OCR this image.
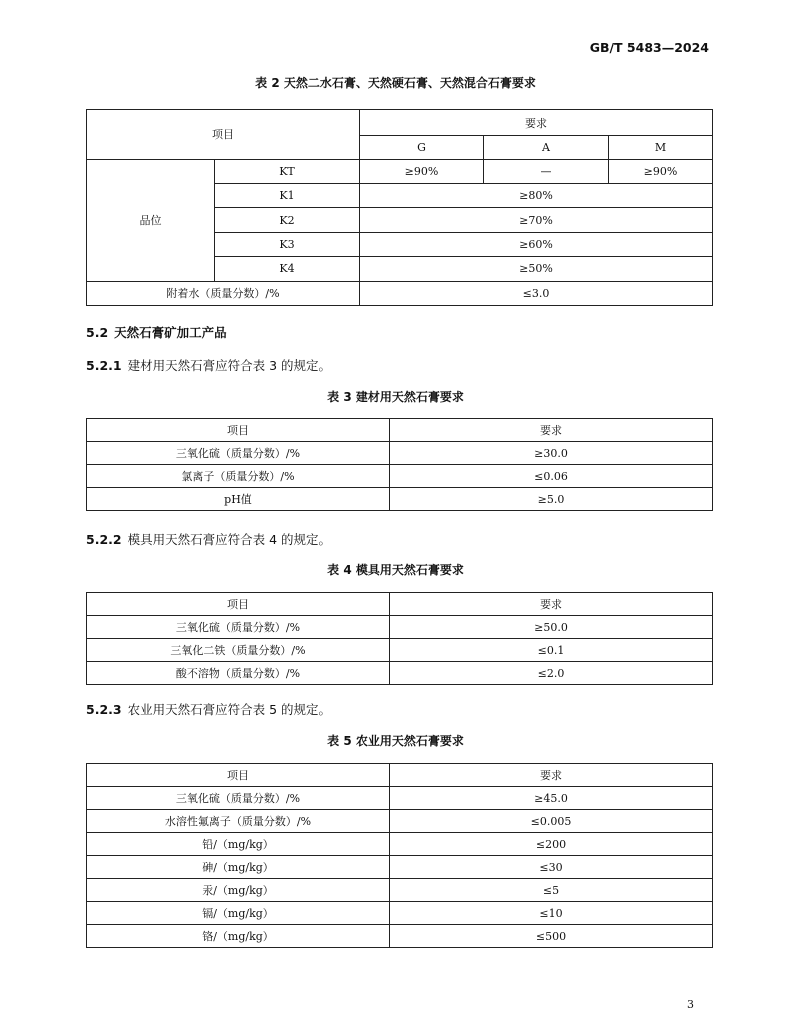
GB/T 5483—2024
表 2 天然二水石膏、天然硬石膏、天然混合石膏要求
项目		要求		
		G	A	M
品位	KT	≥90%	—	≥90%
	K1	≥80%		
	K2	≥70%		
	K3	≥60%		
	K4	≥50%		
附着水（质量分数）/%		≤3.0		
5.2 天然石膏矿加工产品
5.2.1 建材用天然石膏应符合表 3 的规定。
表 3 建材用天然石膏要求
项目	要求
三氧化硫（质量分数）/%	≥30.0
氯离子（质量分数）/%	≤0.06
pH值	≥5.0
5.2.2 模具用天然石膏应符合表 4 的规定。
表 4 模具用天然石膏要求
项目	要求
三氧化硫（质量分数）/%	≥50.0
三氧化二铁（质量分数）/%	≤0.1
酸不溶物（质量分数）/%	≤2.0
5.2.3 农业用天然石膏应符合表 5 的规定。
表 5 农业用天然石膏要求
项目	要求
三氧化硫（质量分数）/%	≥45.0
水溶性氟离子（质量分数）/%	≤0.005
铅/（mg/kg）	≤200
砷/（mg/kg）	≤30
汞/（mg/kg）	≤5
镉/（mg/kg）	≤10
铬/（mg/kg）	≤500
3
